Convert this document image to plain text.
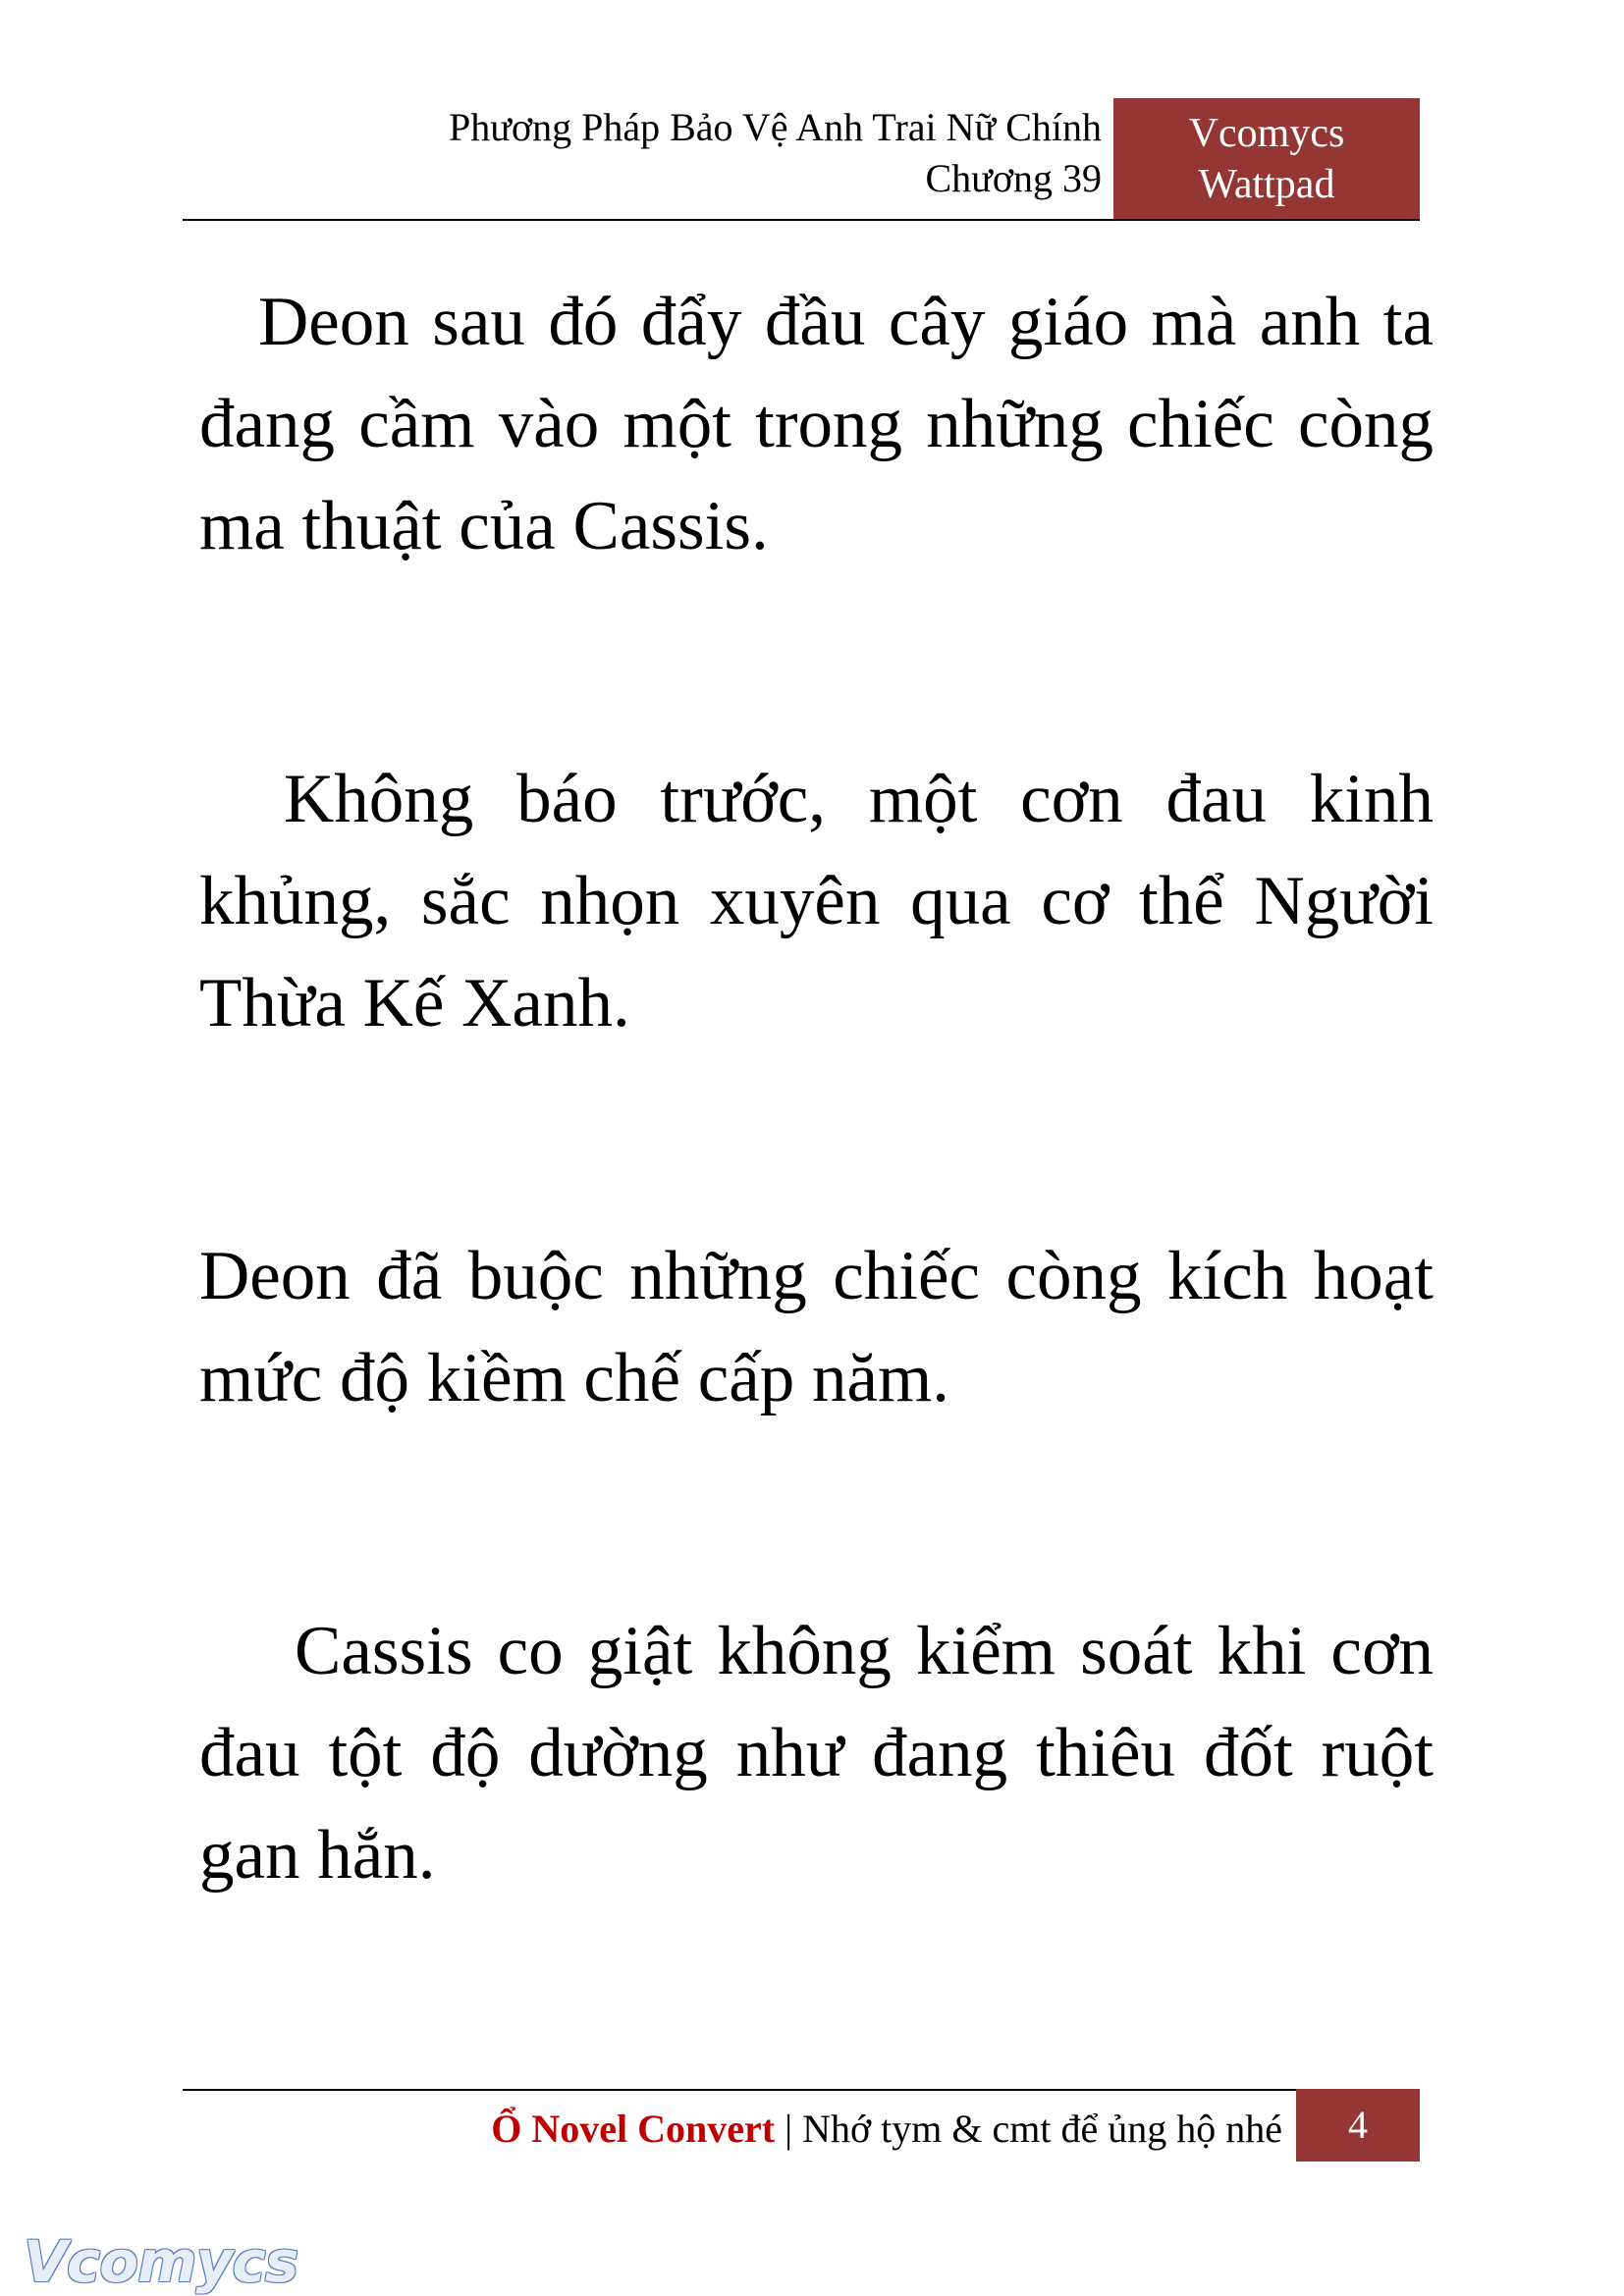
Phương Pháp Bảo Vệ Anh Trai Nữ Chính
Chương 39
Vcomycs
Wattpad

Deon sau đó đẩy đầu cây giáo mà anh ta đang cầm vào một trong những chiếc còng ma thuật của Cassis.

Không báo trước, một cơn đau kinh khủng, sắc nhọn xuyên qua cơ thể Người Thừa Kế Xanh.

Deon đã buộc những chiếc còng kích hoạt mức độ kiềm chế cấp năm.

Cassis co giật không kiểm soát khi cơn đau tột độ dường như đang thiêu đốt ruột gan hắn.

Ổ Novel Convert | Nhớ tym & cmt để ủng hộ nhé	4
Vcomycs
